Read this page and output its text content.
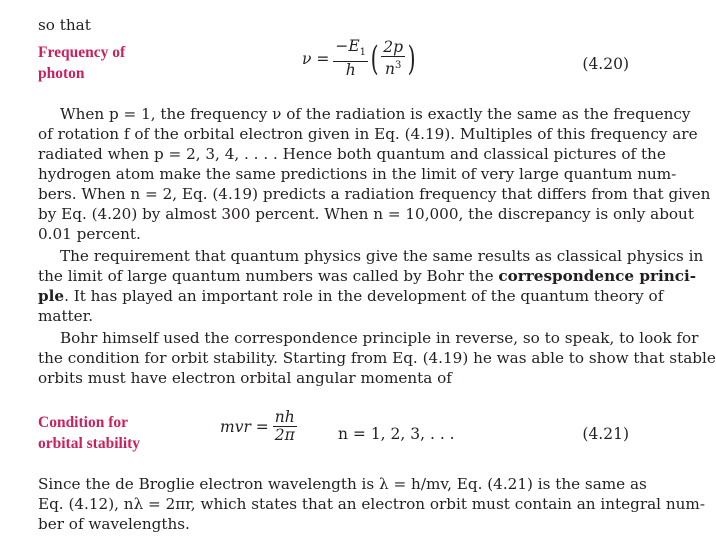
so that
Frequency of
photon
$\nu = \frac{-E_1}{h}$ ( $\frac{2p}{n^3}$ )	(4.20)
When p = 1, the frequency ν of the radiation is exactly the same as the frequency
of rotation f of the orbital electron given in Eq. (4.19). Multiples of this frequency are
radiated when p = 2, 3, 4, . . . . Hence both quantum and classical pictures of the
hydrogen atom make the same predictions in the limit of very large quantum num-
bers. When n = 2, Eq. (4.19) predicts a radiation frequency that differs from that given
by Eq. (4.20) by almost 300 percent. When n = 10,000, the discrepancy is only about
0.01 percent.
The requirement that quantum physics give the same results as classical physics in
the limit of large quantum numbers was called by Bohr the correspondence princi-
ple. It has played an important role in the development of the quantum theory of
matter.
Bohr himself used the correspondence principle in reverse, so to speak, to look for
the condition for orbit stability. Starting from Eq. (4.19) he was able to show that stable
orbits must have electron orbital angular momenta of
Condition for
orbital stability
mvr = $\frac{nh}{2\pi}$	n = 1, 2, 3, . . .	(4.21)
Since the de Broglie electron wavelength is λ = h/mv, Eq. (4.21) is the same as
Eq. (4.12), nλ = 2πr, which states that an electron orbit must contain an integral num-
ber of wavelengths.
